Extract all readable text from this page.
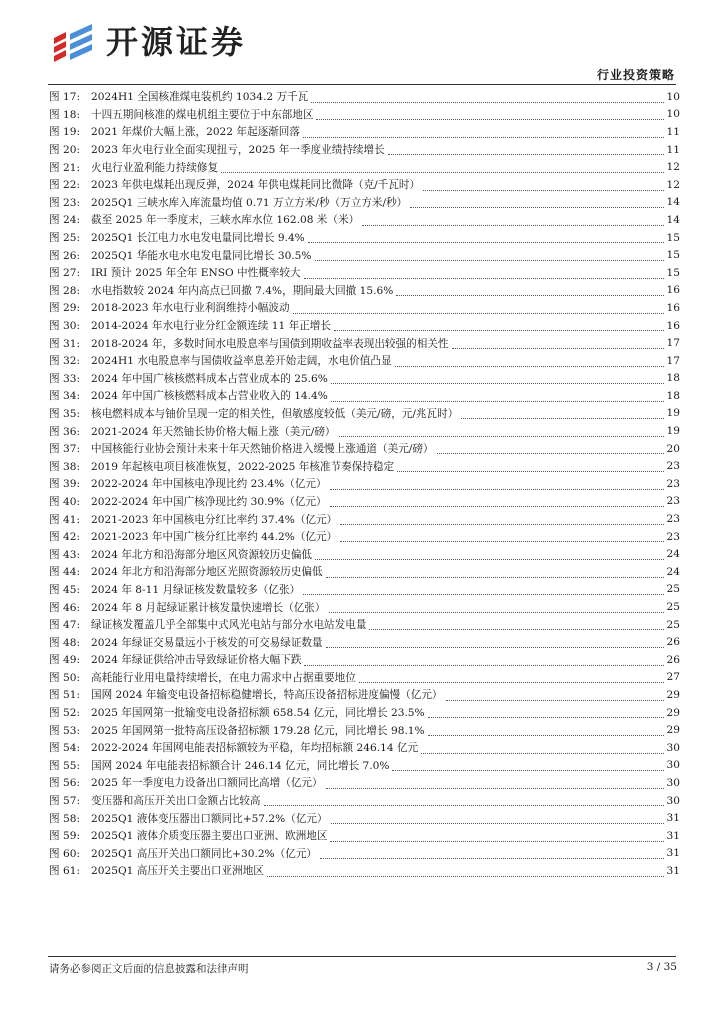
开源证券
行业投资策略
图 17:	2024H1 全国核准煤电装机约 1034.2 万千瓦	10
图 18:	十四五期间核准的煤电机组主要位于中东部地区	10
图 19:	2021 年煤价大幅上涨，2022 年起逐渐回落	11
图 20:	2023 年火电行业全面实现扭亏，2025 年一季度业绩持续增长	11
图 21:	火电行业盈利能力持续修复	12
图 22:	2023 年供电煤耗出现反弹，2024 年供电煤耗同比微降（克/千瓦时）	12
图 23:	2025Q1 三峡水库入库流量均值 0.71 万立方米/秒（万立方米/秒）	14
图 24:	截至 2025 年一季度末，三峡水库水位 162.08 米（米）	14
图 25:	2025Q1 长江电力水电发电量同比增长 9.4%	15
图 26:	2025Q1 华能水电水电发电量同比增长 30.5%	15
图 27:	IRI 预计 2025 年全年 ENSO 中性概率较大	15
图 28:	水电指数较 2024 年内高点已回撤 7.4%，期间最大回撤 15.6%	16
图 29:	2018-2023 年水电行业利润维持小幅波动	16
图 30:	2014-2024 年水电行业分红金额连续 11 年正增长	16
图 31:	2018-2024 年，多数时间水电股息率与国债到期收益率表现出较强的相关性	17
图 32:	2024H1 水电股息率与国债收益率息差开始走阔，水电价值凸显	17
图 33:	2024 年中国广核核燃料成本占营业成本的 25.6%	18
图 34:	2024 年中国广核核燃料成本占营业收入的 14.4%	18
图 35:	核电燃料成本与铀价呈现一定的相关性，但敏感度较低（美元/磅，元/兆瓦时）	19
图 36:	2021-2024 年天然铀长协价格大幅上涨（美元/磅）	19
图 37:	中国核能行业协会预计未来十年天然铀价格进入缓慢上涨通道（美元/磅）	20
图 38:	2019 年起核电项目核准恢复，2022-2025 年核准节奏保持稳定	23
图 39:	2022-2024 年中国核电净现比约 23.4%（亿元）	23
图 40:	2022-2024 年中国广核净现比约 30.9%（亿元）	23
图 41:	2021-2023 年中国核电分红比率约 37.4%（亿元）	23
图 42:	2021-2023 年中国广核分红比率约 44.2%（亿元）	23
图 43:	2024 年北方和沿海部分地区风资源较历史偏低	24
图 44:	2024 年北方和沿海部分地区光照资源较历史偏低	24
图 45:	2024 年 8-11 月绿证核发数量较多（亿张）	25
图 46:	2024 年 8 月起绿证累计核发量快速增长（亿张）	25
图 47:	绿证核发覆盖几乎全部集中式风光电站与部分水电站发电量	25
图 48:	2024 年绿证交易量远小于核发的可交易绿证数量	26
图 49:	2024 年绿证供给冲击导致绿证价格大幅下跌	26
图 50:	高耗能行业用电量持续增长，在电力需求中占据重要地位	27
图 51:	国网 2024 年输变电设备招标稳健增长，特高压设备招标进度偏慢（亿元）	29
图 52:	2025 年国网第一批输变电设备招标额 658.54 亿元，同比增长 23.5%	29
图 53:	2025 年国网第一批特高压设备招标额 179.28 亿元，同比增长 98.1%	29
图 54:	2022-2024 年国网电能表招标额较为平稳，年均招标额 246.14 亿元	30
图 55:	国网 2024 年电能表招标额合计 246.14 亿元，同比增长 7.0%	30
图 56:	2025 年一季度电力设备出口额同比高增（亿元）	30
图 57:	变压器和高压开关出口金额占比较高	30
图 58:	2025Q1 液体变压器出口额同比+57.2%（亿元）	31
图 59:	2025Q1 液体介质变压器主要出口亚洲、欧洲地区	31
图 60:	2025Q1 高压开关出口额同比+30.2%（亿元）	31
图 61:	2025Q1 高压开关主要出口亚洲地区	31
请务必参阅正文后面的信息披露和法律声明	3 / 35
